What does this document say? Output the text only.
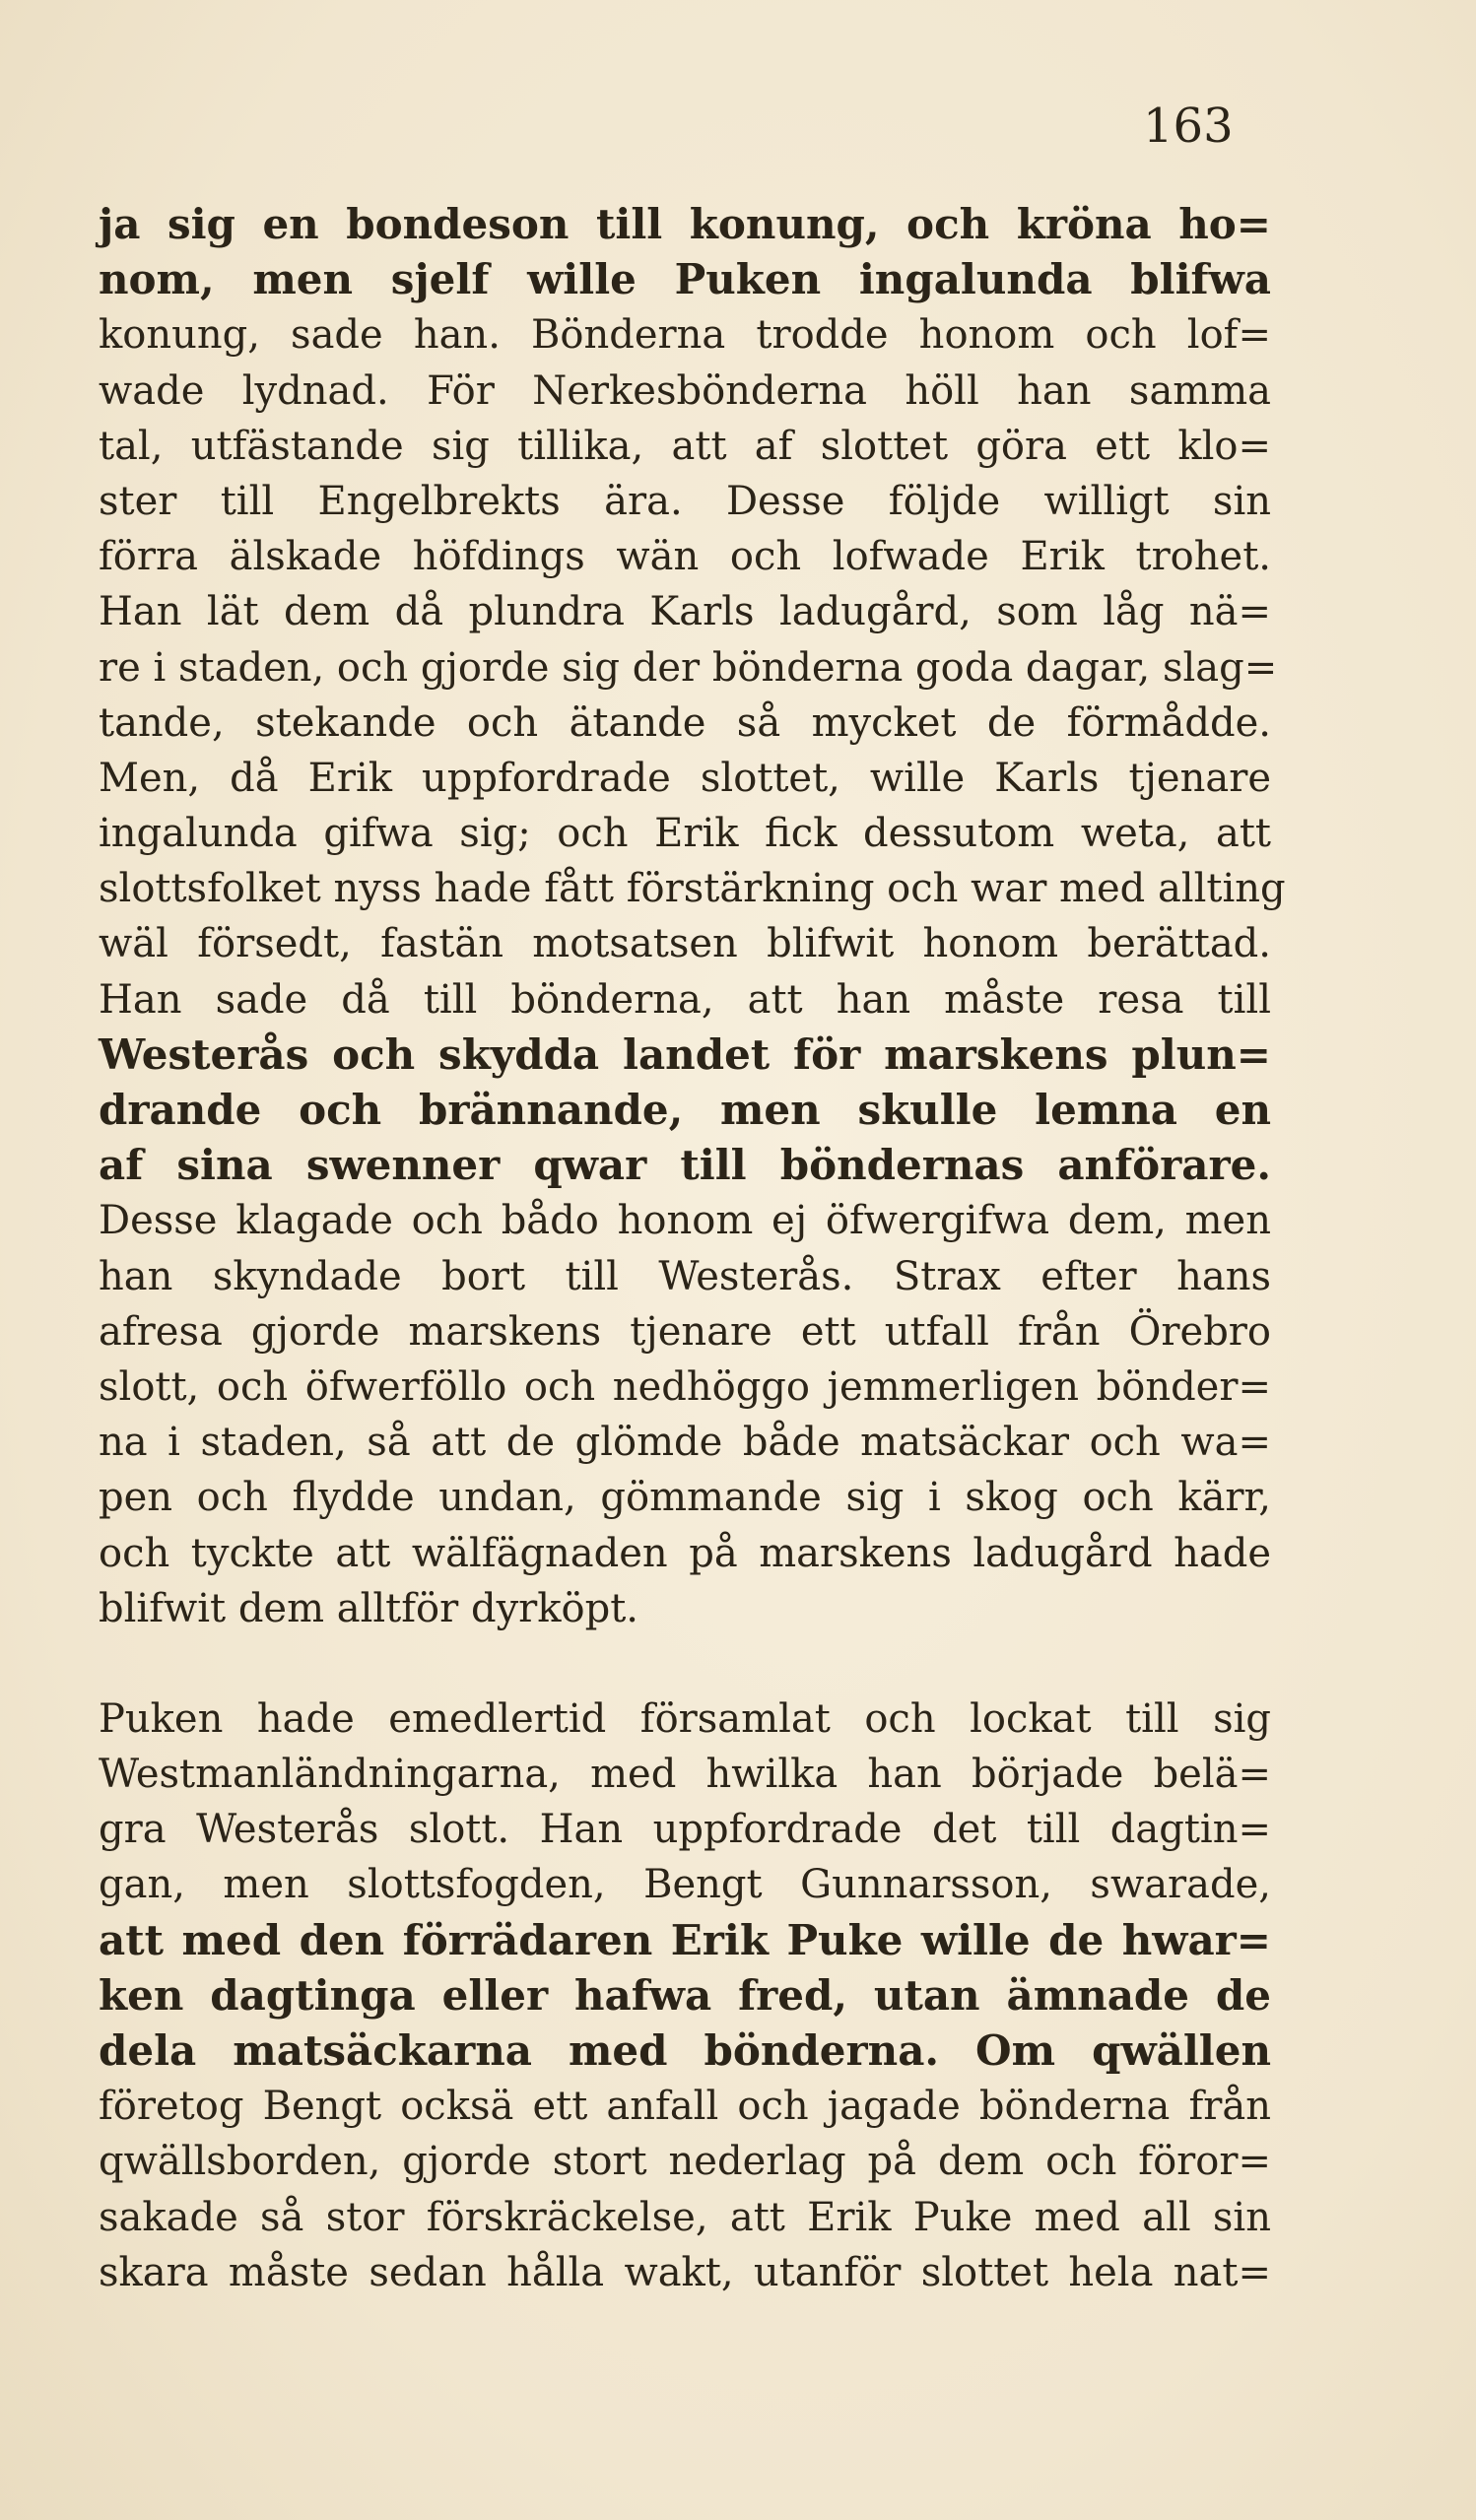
163
ja sig en bondeson till konung, och kröna ho=
nom, men sjelf wille Puken ingalunda blifwa
konung, sade han. Bönderna trodde honom och lof=
wade lydnad. För Nerkesbönderna höll han samma
tal, utfästande sig tillika, att af slottet göra ett klo=
ster till Engelbrekts ära. Desse följde willigt sin
förra älskade höfdings wän och lofwade Erik trohet.
Han lät dem då plundra Karls ladugård, som låg nä=
re i staden, och gjorde sig der bönderna goda dagar, slag=
tande, stekande och ätande så mycket de förmådde.
Men, då Erik uppfordrade slottet, wille Karls tjenare
ingalunda gifwa sig; och Erik fick dessutom weta, att
slottsfolket nyss hade fått förstärkning och war med allting
wäl försedt, fastän motsatsen blifwit honom berättad.
Han sade då till bönderna, att han måste resa till
Westerås och skydda landet för marskens plun=
drande och brännande, men skulle lemna en
af sina swenner qwar till böndernas anförare.
Desse klagade och bådo honom ej öfwergifwa dem, men
han skyndade bort till Westerås. Strax efter hans
afresa gjorde marskens tjenare ett utfall från Örebro
slott, och öfwerföllo och nedhöggo jemmerligen bönder=
na i staden, så att de glömde både matsäckar och wa=
pen och flydde undan, gömmande sig i skog och kärr,
och tyckte att wälfägnaden på marskens ladugård hade
blifwit dem alltför dyrköpt.
Puken hade emedlertid församlat och lockat till sig
Westmanländningarna, med hwilka han började belä=
gra Westerås slott. Han uppfordrade det till dagtin=
gan, men slottsfogden, Bengt Gunnarsson, swarade,
att med den förrädaren Erik Puke wille de hwar=
ken dagtinga eller hafwa fred, utan ämnade de
dela matsäckarna med bönderna. Om qwällen
företog Bengt ocksä ett anfall och jagade bönderna från
qwällsborden, gjorde stort nederlag på dem och föror=
sakade så stor förskräckelse, att Erik Puke med all sin
skara måste sedan hålla wakt, utanför slottet hela nat=
